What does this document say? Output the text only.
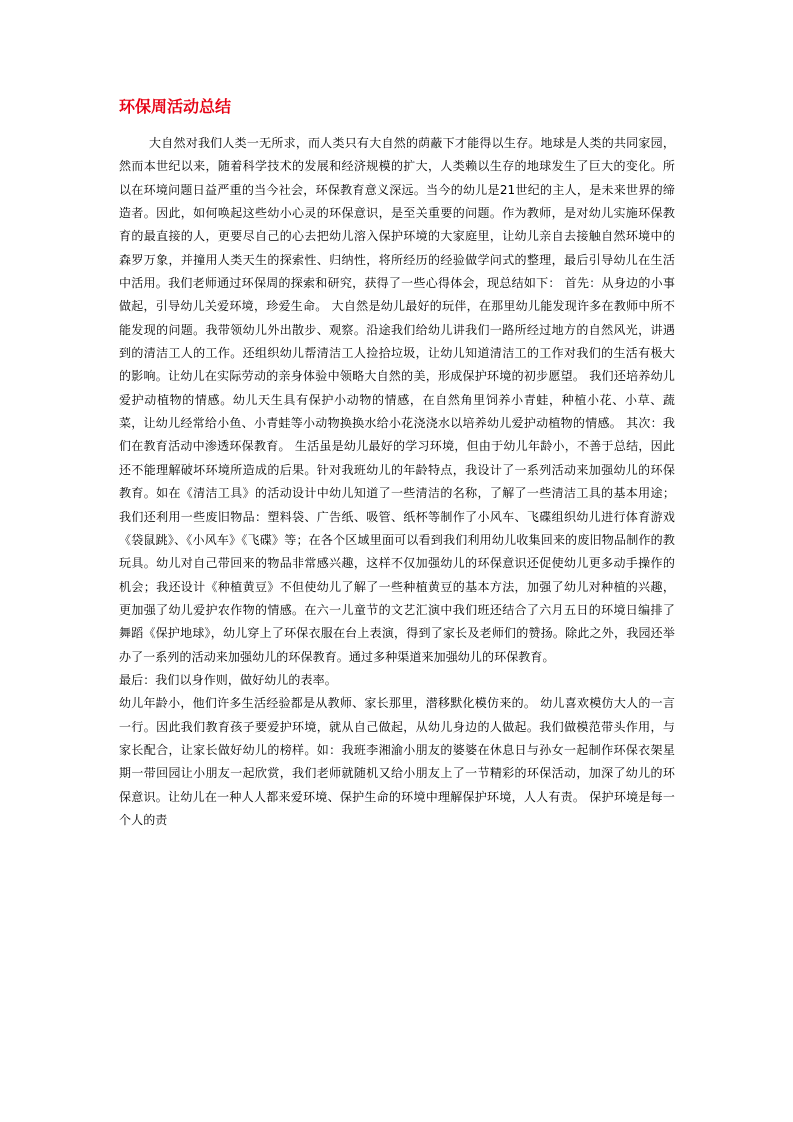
环保周活动总结

大自然对我们人类一无所求，而人类只有大自然的荫蔽下才能得以生存。地球是人类的共同家园，然而本世纪以来，随着科学技术的发展和经济规模的扩大，人类赖以生存的地球发生了巨大的变化。所以在环境问题日益严重的当今社会，环保教育意义深远。当今的幼儿是21世纪的主人，是未来世界的缔造者。因此，如何唤起这些幼小心灵的环保意识，是至关重要的问题。作为教师，是对幼儿实施环保教育的最直接的人，更要尽自己的心去把幼儿溶入保护环境的大家庭里，让幼儿亲自去接触自然环境中的森罗万象，并撞用人类天生的探索性、归纳性，将所经历的经验做学问式的整理，最后引导幼儿在生活中活用。我们老师通过环保周的探索和研究，获得了一些心得体会，现总结如下： 首先：从身边的小事做起，引导幼儿关爱环境，珍爱生命。 大自然是幼儿最好的玩伴，在那里幼儿能发现许多在教师中所不能发现的问题。我带领幼儿外出散步、观察。沿途我们给幼儿讲我们一路所经过地方的自然风光，讲遇到的清洁工人的工作。还组织幼儿帮清洁工人捡拾垃圾，让幼儿知道清洁工的工作对我们的生活有极大的影响。让幼儿在实际劳动的亲身体验中领略大自然的美，形成保护环境的初步愿望。 我们还培养幼儿爱护动植物的情感。幼儿天生具有保护小动物的情感，在自然角里饲养小青蛙，种植小花、小草、蔬菜，让幼儿经常给小鱼、小青蛙等小动物换换水给小花浇浇水以培养幼儿爱护动植物的情感。 其次：我们在教育活动中渗透环保教育。 生活虽是幼儿最好的学习环境，但由于幼儿年龄小，不善于总结，因此还不能理解破坏环境所造成的后果。针对我班幼儿的年龄特点，我设计了一系列活动来加强幼儿的环保教育。如在《清洁工具》的活动设计中幼儿知道了一些清洁的名称，了解了一些清洁工具的基本用途；我们还利用一些废旧物品：塑料袋、广告纸、吸管、纸杯等制作了小风车、飞碟组织幼儿进行体育游戏《袋鼠跳》、《小风车》《飞碟》等；在各个区域里面可以看到我们利用幼儿收集回来的废旧物品制作的教玩具。幼儿对自己带回来的物品非常感兴趣，这样不仅加强幼儿的环保意识还促使幼儿更多动手操作的机会；我还设计《种植黄豆》不但使幼儿了解了一些种植黄豆的基本方法，加强了幼儿对种植的兴趣，更加强了幼儿爱护农作物的情感。在六一儿童节的文艺汇演中我们班还结合了六月五日的环境日编排了舞蹈《保护地球》，幼儿穿上了环保衣服在台上表演，得到了家长及老师们的赞扬。除此之外，我园还举办了一系列的活动来加强幼儿的环保教育。通过多种渠道来加强幼儿的环保教育。

最后：我们以身作则，做好幼儿的表率。

幼儿年龄小，他们许多生活经验都是从教师、家长那里，潜移默化模仿来的。 幼儿喜欢模仿大人的一言一行。因此我们教育孩子要爱护环境，就从自己做起，从幼儿身边的人做起。我们做模范带头作用，与家长配合，让家长做好幼儿的榜样。如：我班李湘渝小朋友的婆婆在休息日与孙女一起制作环保衣架星期一带回园让小朋友一起欣赏，我们老师就随机又给小朋友上了一节精彩的环保活动，加深了幼儿的环保意识。让幼儿在一种人人都来爱环境、保护生命的环境中理解保护环境，人人有责。 保护环境是每一个人的责
